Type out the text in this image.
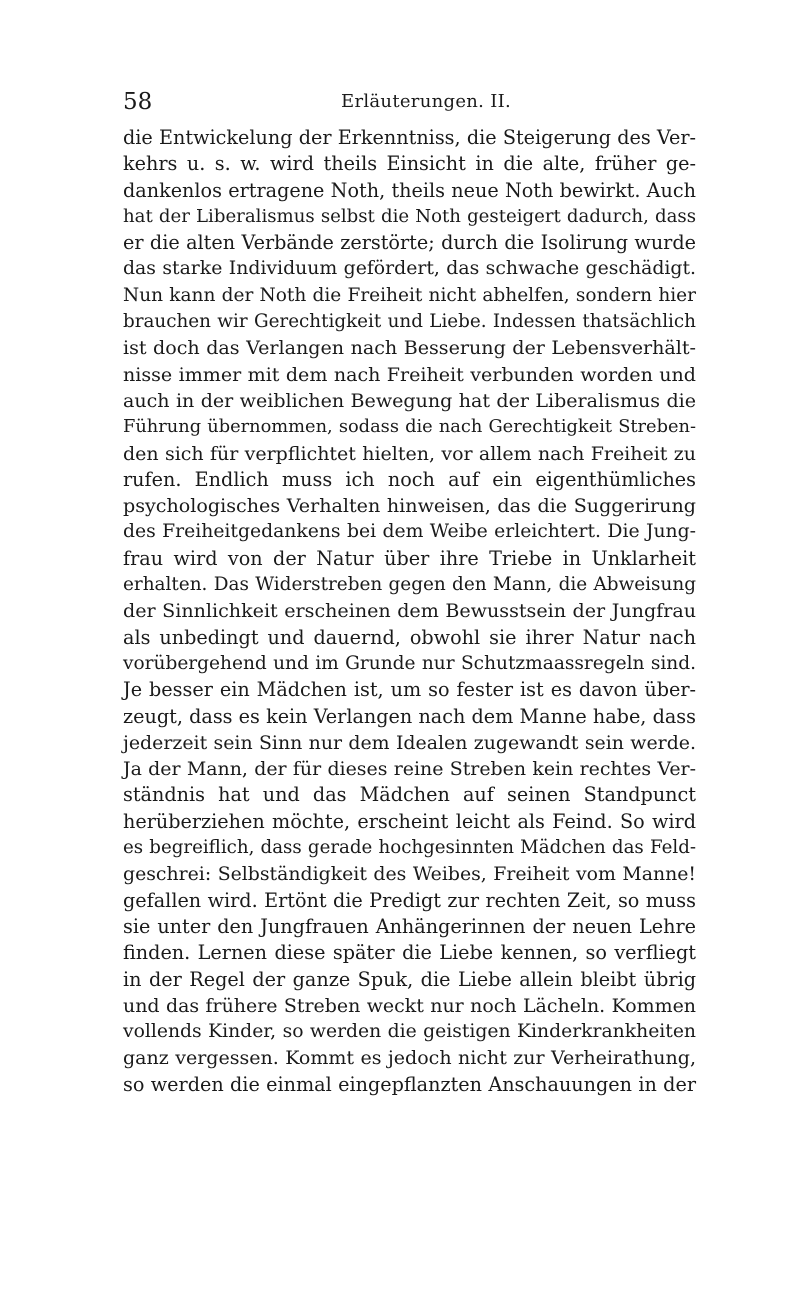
58	Erläuterungen. II.
die Entwickelung der Erkenntniss, die Steigerung des Ver-
kehrs u. s. w. wird theils Einsicht in die alte, früher ge-
dankenlos ertragene Noth, theils neue Noth bewirkt. Auch
hat der Liberalismus selbst die Noth gesteigert dadurch, dass
er die alten Verbände zerstörte; durch die Isolirung wurde
das starke Individuum gefördert, das schwache geschädigt.
Nun kann der Noth die Freiheit nicht abhelfen, sondern hier
brauchen wir Gerechtigkeit und Liebe. Indessen thatsächlich
ist doch das Verlangen nach Besserung der Lebensverhält-
nisse immer mit dem nach Freiheit verbunden worden und
auch in der weiblichen Bewegung hat der Liberalismus die
Führung übernommen, sodass die nach Gerechtigkeit Streben-
den sich für verpflichtet hielten, vor allem nach Freiheit zu
rufen. Endlich muss ich noch auf ein eigenthümliches
psychologisches Verhalten hinweisen, das die Suggerirung
des Freiheitgedankens bei dem Weibe erleichtert. Die Jung-
frau wird von der Natur über ihre Triebe in Unklarheit
erhalten. Das Widerstreben gegen den Mann, die Abweisung
der Sinnlichkeit erscheinen dem Bewusstsein der Jungfrau
als unbedingt und dauernd, obwohl sie ihrer Natur nach
vorübergehend und im Grunde nur Schutzmaassregeln sind.
Je besser ein Mädchen ist, um so fester ist es davon über-
zeugt, dass es kein Verlangen nach dem Manne habe, dass
jederzeit sein Sinn nur dem Idealen zugewandt sein werde.
Ja der Mann, der für dieses reine Streben kein rechtes Ver-
ständnis hat und das Mädchen auf seinen Standpunct
herüberziehen möchte, erscheint leicht als Feind. So wird
es begreiflich, dass gerade hochgesinnten Mädchen das Feld-
geschrei: Selbständigkeit des Weibes, Freiheit vom Manne!
gefallen wird. Ertönt die Predigt zur rechten Zeit, so muss
sie unter den Jungfrauen Anhängerinnen der neuen Lehre
finden. Lernen diese später die Liebe kennen, so verfliegt
in der Regel der ganze Spuk, die Liebe allein bleibt übrig
und das frühere Streben weckt nur noch Lächeln. Kommen
vollends Kinder, so werden die geistigen Kinderkrankheiten
ganz vergessen. Kommt es jedoch nicht zur Verheirathung,
so werden die einmal eingepflanzten Anschauungen in der
